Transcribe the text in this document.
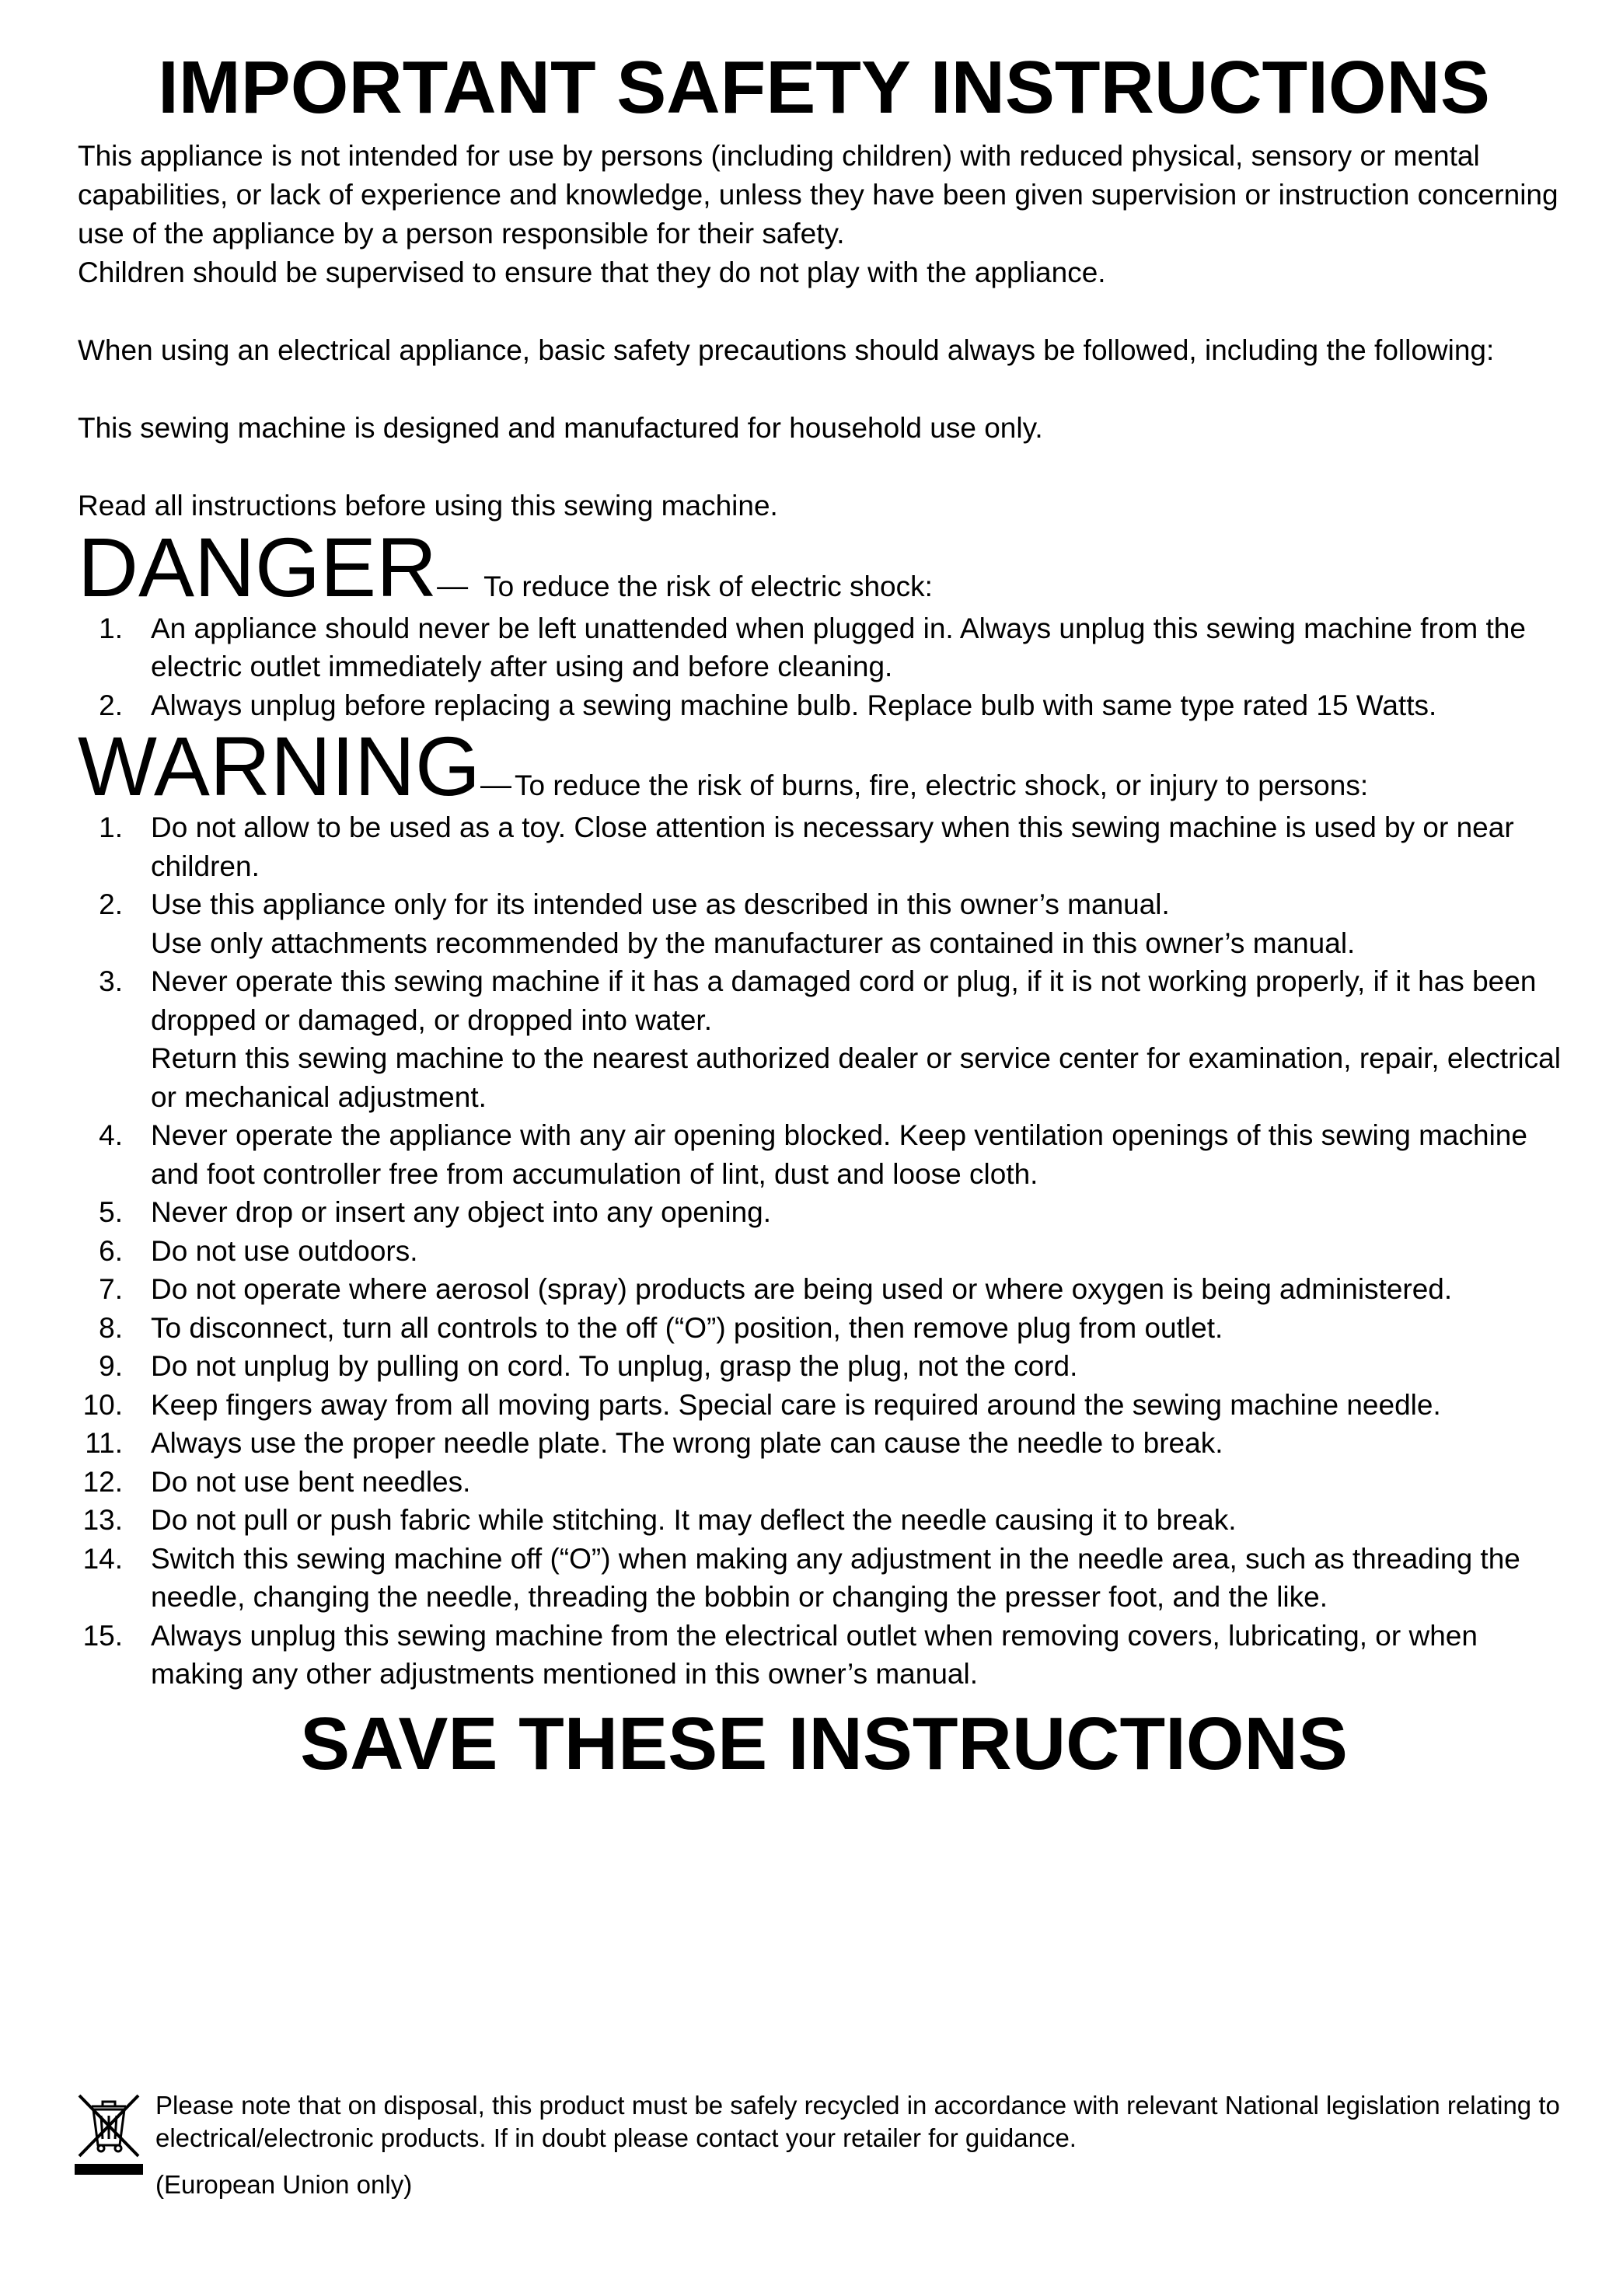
IMPORTANT SAFETY INSTRUCTIONS

This appliance is not intended for use by persons (including children) with reduced physical, sensory or mental capabilities, or lack of experience and knowledge, unless they have been given supervision or instruction concerning use of the appliance by a person responsible for their safety.

Children should be supervised to ensure that they do not play with the appliance.

When using an electrical appliance, basic safety precautions should always be followed, including the following:

This sewing machine is designed and manufactured for household use only.

Read all instructions before using this sewing machine.

DANGER — To reduce the risk of electric shock:
1. An appliance should never be left unattended when plugged in. Always unplug this sewing machine from the electric outlet immediately after using and before cleaning.
2. Always unplug before replacing a sewing machine bulb. Replace bulb with same type rated 15 Watts.
WARNING — To reduce the risk of burns, fire, electric shock, or injury to persons:
1. Do not allow to be used as a toy. Close attention is necessary when this sewing machine is used by or near children.
2. Use this appliance only for its intended use as described in this owner’s manual.
Use only attachments recommended by the manufacturer as contained in this owner’s manual.
3. Never operate this sewing machine if it has a damaged cord or plug, if it is not working properly, if it has been dropped or damaged, or dropped into water.
Return this sewing machine to the nearest authorized dealer or service center for examination, repair, electrical or mechanical adjustment.
4. Never operate the appliance with any air opening blocked. Keep ventilation openings of this sewing machine and foot controller free from accumulation of lint, dust and loose cloth.
5. Never drop or insert any object into any opening.
6. Do not use outdoors.
7. Do not operate where aerosol (spray) products are being used or where oxygen is being administered.
8. To disconnect, turn all controls to the off (“O”) position, then remove plug from outlet.
9. Do not unplug by pulling on cord. To unplug, grasp the plug, not the cord.
10. Keep fingers away from all moving parts. Special care is required around the sewing machine needle.
11. Always use the proper needle plate. The wrong plate can cause the needle to break.
12. Do not use bent needles.
13. Do not pull or push fabric while stitching. It may deflect the needle causing it to break.
14. Switch this sewing machine off (“O”) when making any adjustment in the needle area, such as threading the needle, changing the needle, threading the bobbin or changing the presser foot, and the like.
15. Always unplug this sewing machine from the electrical outlet when removing covers, lubricating, or when making any other adjustments mentioned in this owner’s manual.
SAVE THESE INSTRUCTIONS
Please note that on disposal, this product must be safely recycled in accordance with relevant National legislation relating to electrical/electronic products. If in doubt please contact your retailer for guidance.
(European Union only)
